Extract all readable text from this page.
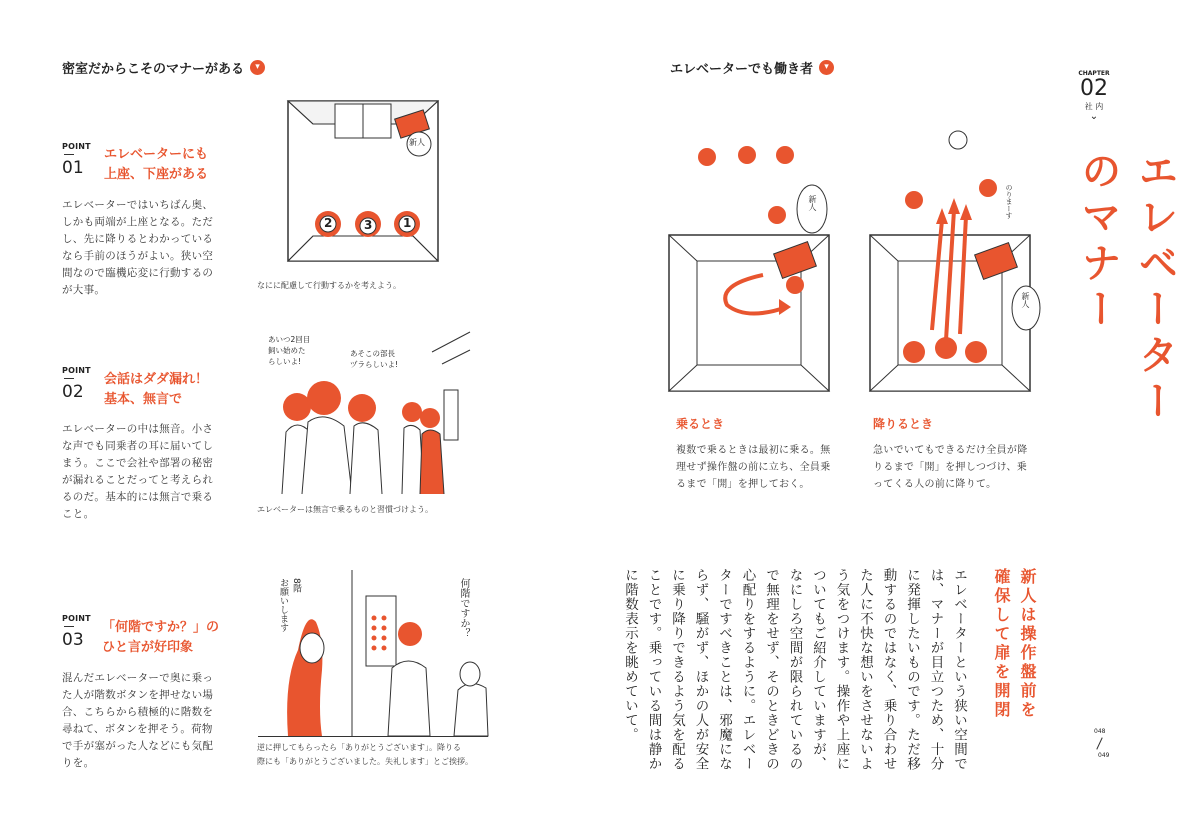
密室だからこそのマナーがある	▾
POINT
01
エレベーターにも
上座、下座がある
エレベーターではいちばん奥、しかも両端が上座となる。ただし、先に降りるとわかっているなら手前のほうがよい。狭い空間なので臨機応変に行動するのが大事。
新人
2	3	1
なにに配慮して行動するかを考えよう。
POINT
02
会話はダダ漏れ！
基本、無言で
エレベーターの中は無音。小さな声でも同乗者の耳に届いてしまう。ここで会社や部署の秘密が漏れることだってと考えられるのだ。基本的には無言で乗ること。
あいつ2回目
飼い始めた
らしいよ!
あそこの部長
ヅラらしいよ!
エレベーターは無言で乗るものと習慣づけよう。
POINT
03
「何階ですか？」の
ひと言が好印象
混んだエレベーターで奥に乗った人が階数ボタンを押せない場合、こちらから積極的に階数を尋ねて、ボタンを押そう。荷物で手が塞がった人などにも気配りを。
8階
お願いします	何階ですか？
逆に押してもらったら「ありがとうございます」。降りる
際にも「ありがとうございました。失礼します」とご挨拶。
エレベーターでも働き者	▾
新人
新人
のりまーす
乗るとき
複数で乗るときは最初に乗る。無理せず操作盤の前に立ち、全員乗るまで「開」を押しておく。
降りるとき
急いでいてもできるだけ全員が降りるまで「開」を押しつづけ、乗ってくる人の前に降りて。
新人は操作盤前を確保して扉を開閉
エレベーターという狭い空間では、マナーが目立つため、十分に発揮したいものです。ただ移動するのではなく、乗り合わせた人に不快な想いをさせないよう気をつけます。操作や上座についてもご紹介していますが、なにしろ空間が限られているので無理をせず、そのときどきの心配りをするように。エレベーターですべきことは、邪魔にならず、騒がず、ほかの人が安全に乗り降りできるよう気を配ることです。乗っている間は静かに階数表示を眺めていて。
CHAPTER
02
社 内
⌄
エレベーターのマナー
048
049
